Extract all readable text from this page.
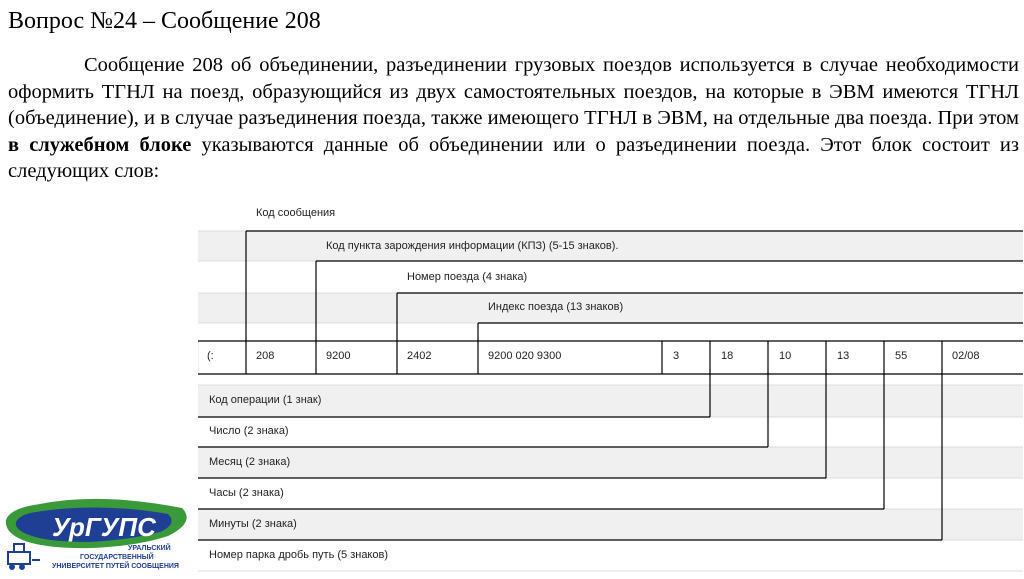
Вопрос №24 – Сообщение 208
Сообщение 208 об объединении, разъединении грузовых поездов используется в случае необходимости оформить ТГНЛ на поезд, образующийся из двух самостоятельных поездов, на которые в ЭВМ имеются ТГНЛ (объединение), и в случае разъединения поезда, также имеющего ТГНЛ в ЭВМ, на отдельные два поезда. При этом в служебном блоке указываются данные об объединении или о разъединении поезда. Этот блок состоит из следующих слов:
Код сообщения
Код пункта зарождения информации (КПЗ) (5-15 знаков).
Номер поезда (4 знака)
Индекс поезда (13 знаков)
(:	208	9200	2402	9200 020 9300	3	18	10	13	55	02/08
Код операции (1 знак)
Число (2 знака)
Месяц (2 знака)
Часы (2 знака)
Минуты (2 знака)
Номер парка дробь путь (5 знаков)
УрГУПС
УРАЛЬСКИЙ
ГОСУДАРСТВЕННЫЙ
УНИВЕРСИТЕТ ПУТЕЙ СООБЩЕНИЯ
